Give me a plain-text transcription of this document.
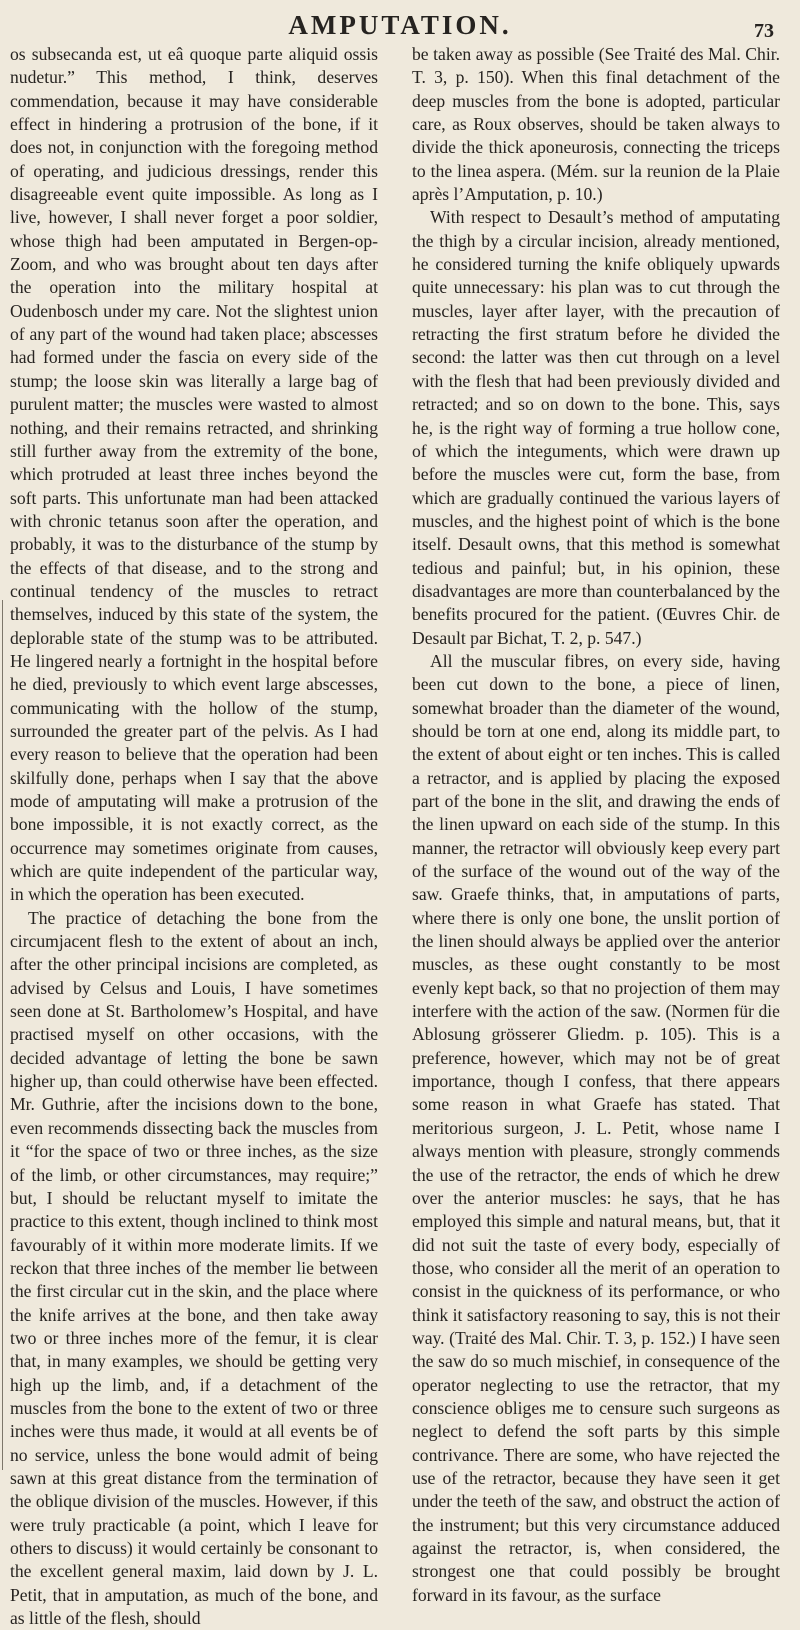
AMPUTATION.	73

os subsecanda est, ut eâ quoque parte aliquid ossis nudetur.” This method, I think, deserves commendation, because it may have considerable effect in hindering a protrusion of the bone, if it does not, in conjunction with the foregoing method of operating, and judicious dressings, render this disagreeable event quite impossible. As long as I live, however, I shall never forget a poor soldier, whose thigh had been amputated in Bergen-op-Zoom, and who was brought about ten days after the operation into the military hospital at Oudenbosch under my care. Not the slightest union of any part of the wound had taken place; abscesses had formed under the fascia on every side of the stump; the loose skin was literally a large bag of purulent matter; the muscles were wasted to almost nothing, and their remains retracted, and shrinking still further away from the extremity of the bone, which protruded at least three inches beyond the soft parts. This unfortunate man had been attacked with chronic tetanus soon after the operation, and probably, it was to the disturbance of the stump by the effects of that disease, and to the strong and continual tendency of the muscles to retract themselves, induced by this state of the system, the deplorable state of the stump was to be attributed. He lingered nearly a fortnight in the hospital before he died, previously to which event large abscesses, communicating with the hollow of the stump, surrounded the greater part of the pelvis. As I had every reason to believe that the operation had been skilfully done, perhaps when I say that the above mode of amputating will make a protrusion of the bone impossible, it is not exactly correct, as the occurrence may sometimes originate from causes, which are quite independent of the particular way, in which the operation has been executed.

The practice of detaching the bone from the circumjacent flesh to the extent of about an inch, after the other principal incisions are completed, as advised by Celsus and Louis, I have sometimes seen done at St. Bartholomew’s Hospital, and have practised myself on other occasions, with the decided advantage of letting the bone be sawn higher up, than could otherwise have been effected. Mr. Guthrie, after the incisions down to the bone, even recommends dissecting back the muscles from it “for the space of two or three inches, as the size of the limb, or other circumstances, may require;” but, I should be reluctant myself to imitate the practice to this extent, though inclined to think most favourably of it within more moderate limits. If we reckon that three inches of the member lie between the first circular cut in the skin, and the place where the knife arrives at the bone, and then take away two or three inches more of the femur, it is clear that, in many examples, we should be getting very high up the limb, and, if a detachment of the muscles from the bone to the extent of two or three inches were thus made, it would at all events be of no service, unless the bone would admit of being sawn at this great distance from the termination of the oblique division of the muscles. However, if this were truly practicable (a point, which I leave for others to discuss) it would certainly be consonant to the excellent general maxim, laid down by J. L. Petit, that in amputation, as much of the bone, and as little of the flesh, should

be taken away as possible (See Traité des Mal. Chir. T. 3, p. 150). When this final detachment of the deep muscles from the bone is adopted, particular care, as Roux observes, should be taken always to divide the thick aponeurosis, connecting the triceps to the linea aspera. (Mém. sur la reunion de la Plaie après l’Amputation, p. 10.)

With respect to Desault’s method of amputating the thigh by a circular incision, already mentioned, he considered turning the knife obliquely upwards quite unnecessary: his plan was to cut through the muscles, layer after layer, with the precaution of retracting the first stratum before he divided the second: the latter was then cut through on a level with the flesh that had been previously divided and retracted; and so on down to the bone. This, says he, is the right way of forming a true hollow cone, of which the integuments, which were drawn up before the muscles were cut, form the base, from which are gradually continued the various layers of muscles, and the highest point of which is the bone itself. Desault owns, that this method is somewhat tedious and painful; but, in his opinion, these disadvantages are more than counterbalanced by the benefits procured for the patient. (Œuvres Chir. de Desault par Bichat, T. 2, p. 547.)

All the muscular fibres, on every side, having been cut down to the bone, a piece of linen, somewhat broader than the diameter of the wound, should be torn at one end, along its middle part, to the extent of about eight or ten inches. This is called a retractor, and is applied by placing the exposed part of the bone in the slit, and drawing the ends of the linen upward on each side of the stump. In this manner, the retractor will obviously keep every part of the surface of the wound out of the way of the saw. Graefe thinks, that, in amputations of parts, where there is only one bone, the unslit portion of the linen should always be applied over the anterior muscles, as these ought constantly to be most evenly kept back, so that no projection of them may interfere with the action of the saw. (Normen für die Ablosung grösserer Gliedm. p. 105). This is a preference, however, which may not be of great importance, though I confess, that there appears some reason in what Graefe has stated. That meritorious surgeon, J. L. Petit, whose name I always mention with pleasure, strongly commends the use of the retractor, the ends of which he drew over the anterior muscles: he says, that he has employed this simple and natural means, but, that it did not suit the taste of every body, especially of those, who consider all the merit of an operation to consist in the quickness of its performance, or who think it satisfactory reasoning to say, this is not their way. (Traité des Mal. Chir. T. 3, p. 152.) I have seen the saw do so much mischief, in consequence of the operator neglecting to use the retractor, that my conscience obliges me to censure such surgeons as neglect to defend the soft parts by this simple contrivance. There are some, who have rejected the use of the retractor, because they have seen it get under the teeth of the saw, and obstruct the action of the instrument; but this very circumstance adduced against the retractor, is, when considered, the strongest one that could possibly be brought forward in its favour, as the surface
